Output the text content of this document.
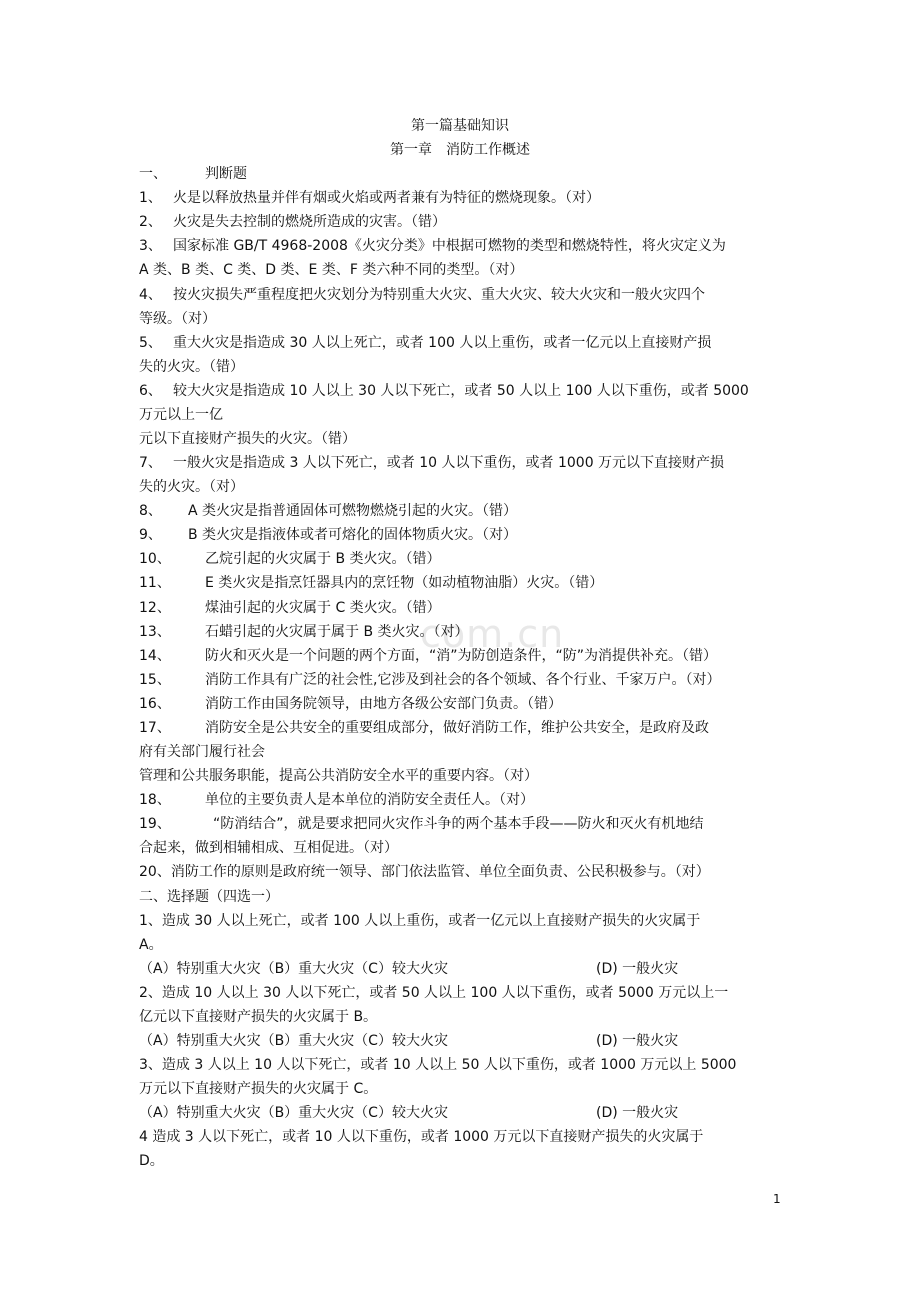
第一篇基础知识
第一章　消防工作概述
com.cn
一、	判断题
1、 火是以释放热量并伴有烟或火焰或两者兼有为特征的燃烧现象。（对）
2、 火灾是失去控制的燃烧所造成的灾害。（错）
3、 国家标准 GB/T 4968-2008《火灾分类》中根据可燃物的类型和燃烧特性，将火灾定义为
A 类、B 类、C 类、D 类、E 类、F 类六种不同的类型。（对）
4、 按火灾损失严重程度把火灾划分为特别重大火灾、重大火灾、较大火灾和一般火灾四个
等级。（对）
5、 重大火灾是指造成 30 人以上死亡，或者 100 人以上重伤，或者一亿元以上直接财产损
失的火灾。（错）
6、 较大火灾是指造成 10 人以上 30 人以下死亡，或者 50 人以上 100 人以下重伤，或者 5000
万元以上一亿
元以下直接财产损失的火灾。（错）
7、 一般火灾是指造成 3 人以下死亡，或者 10 人以下重伤，或者 1000 万元以下直接财产损
失的火灾。（对）
8、 A 类火灾是指普通固体可燃物燃烧引起的火灾。（错）
9、 B 类火灾是指液体或者可熔化的固体物质火灾。（对）
10、 乙烷引起的火灾属于 B 类火灾。（错）
11、 E 类火灾是指烹饪器具内的烹饪物（如动植物油脂）火灾。（错）
12、 煤油引起的火灾属于 C 类火灾。（错）
13、 石蜡引起的火灾属于属于 B 类火灾。（对）
14、 防火和灭火是一个问题的两个方面，“消”为防创造条件，“防”为消提供补充。（错）
15、 消防工作具有广泛的社会性,它涉及到社会的各个领域、各个行业、千家万户。（对）
16、 消防工作由国务院领导，由地方各级公安部门负责。（错）
17、 消防安全是公共安全的重要组成部分，做好消防工作，维护公共安全，是政府及政
府有关部门履行社会
管理和公共服务职能，提高公共消防安全水平的重要内容。（对）
18、 单位的主要负责人是本单位的消防安全责任人。（对）
19、	“防消结合”，就是要求把同火灾作斗争的两个基本手段——防火和灭火有机地结
合起来，做到相辅相成、互相促进。（对）
20、消防工作的原则是政府统一领导、部门依法监管、单位全面负责、公民积极参与。（对）
二、选择题（四选一）
1、造成 30 人以上死亡，或者 100 人以上重伤，或者一亿元以上直接财产损失的火灾属于
A。
（A）特别重大火灾（B）重大火灾（C）较大火灾	(D) 一般火灾
2、造成 10 人以上 30 人以下死亡，或者 50 人以上 100 人以下重伤，或者 5000 万元以上一
亿元以下直接财产损失的火灾属于 B。
（A）特别重大火灾（B）重大火灾（C）较大火灾	(D) 一般火灾
3、造成 3 人以上 10 人以下死亡，或者 10 人以上 50 人以下重伤，或者 1000 万元以上 5000
万元以下直接财产损失的火灾属于 C。
（A）特别重大火灾（B）重大火灾（C）较大火灾	(D) 一般火灾
4 造成 3 人以下死亡，或者 10 人以下重伤，或者 1000 万元以下直接财产损失的火灾属于
D。
1
